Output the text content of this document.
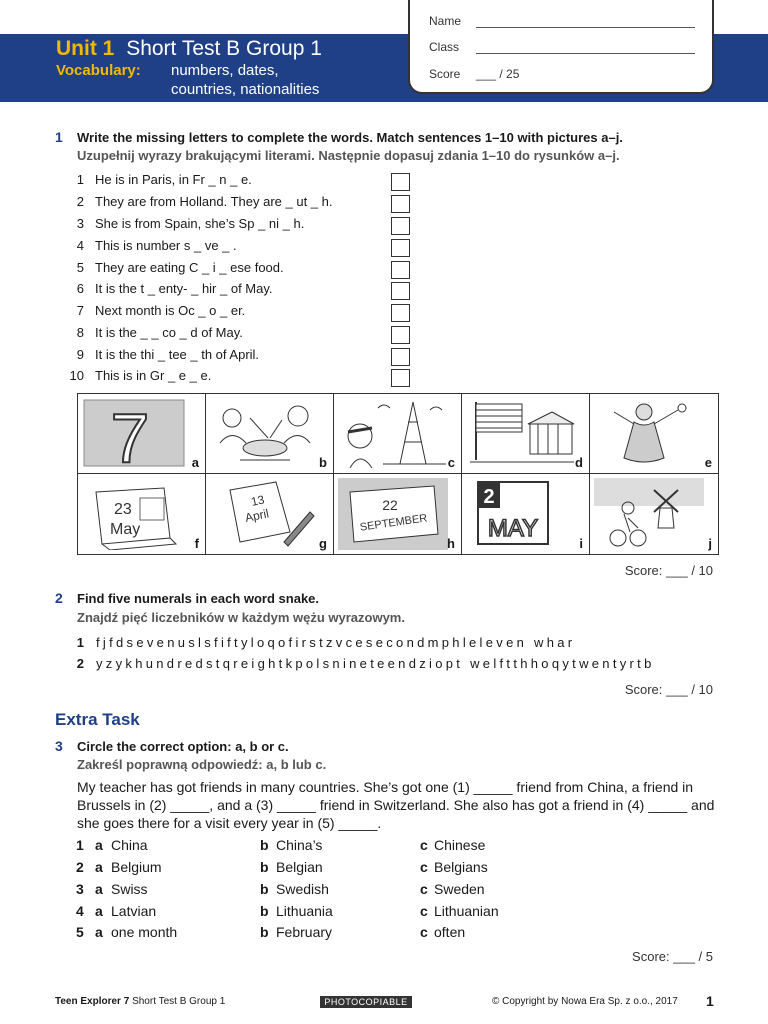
Unit 1 Short Test B Group 1
Vocabulary: numbers, dates,
countries, nationalities
Name
Class
Score ___ / 25
1 Write the missing letters to complete the words. Match sentences 1–10 with pictures a–j.
Uzupełnij wyrazy brakującymi literami. Następnie dopasuj zdania 1–10 do rysunków a–j.
1 He is in Paris, in Fr _ n _ e.
2 They are from Holland. They are _ ut _ h.
3 She is from Spain, she’s Sp _ ni _ h.
4 This is number s _ ve _ .
5 They are eating C _ i _ ese food.
6 It is the t _ enty- _ hir _ of May.
7 Next month is Oc _ o _ er.
8 It is the _ _ co _ d of May.
9 It is the thi _ tee _ th of April.
10 This is in Gr _ e _ e.
7	a	b	c	d	e
23
May
f
13
April
g
22
SEPTEMBER
h
2
MAY
i	j
Score: ___ / 10
2 Find five numerals in each word snake.
Znajdź pięć liczebników w każdym wężu wyrazowym.
1 fjfdsevenuslsfiftyloqofirstzvcesecondmphleleven whar
2 yzykhundredstqreightkpolsnineteendziopt welftthhoqytwentyrtb
Score: ___ / 10
Extra Task
3 Circle the correct option: a, b or c.
Zakreśl poprawną odpowiedź: a, b lub c.
My teacher has got friends in many countries. She’s got one (1) _____ friend from China, a friend in Brussels in (2) _____, and a (3) _____ friend in Switzerland. She also has got a friend in (4) _____ and she goes there for a visit every year in (5) _____.
1 a China	b China’s	c Chinese
2 a Belgium	b Belgian	c Belgians
3 a Swiss	b Swedish	c Sweden
4 a Latvian	b Lithuania	c Lithuanian
5 a one month	b February	c often
Score: ___ / 5
Teen Explorer 7 Short Test B Group 1	PHOTOCOPIABLE	© Copyright by Nowa Era Sp. z o.o., 2017 1
